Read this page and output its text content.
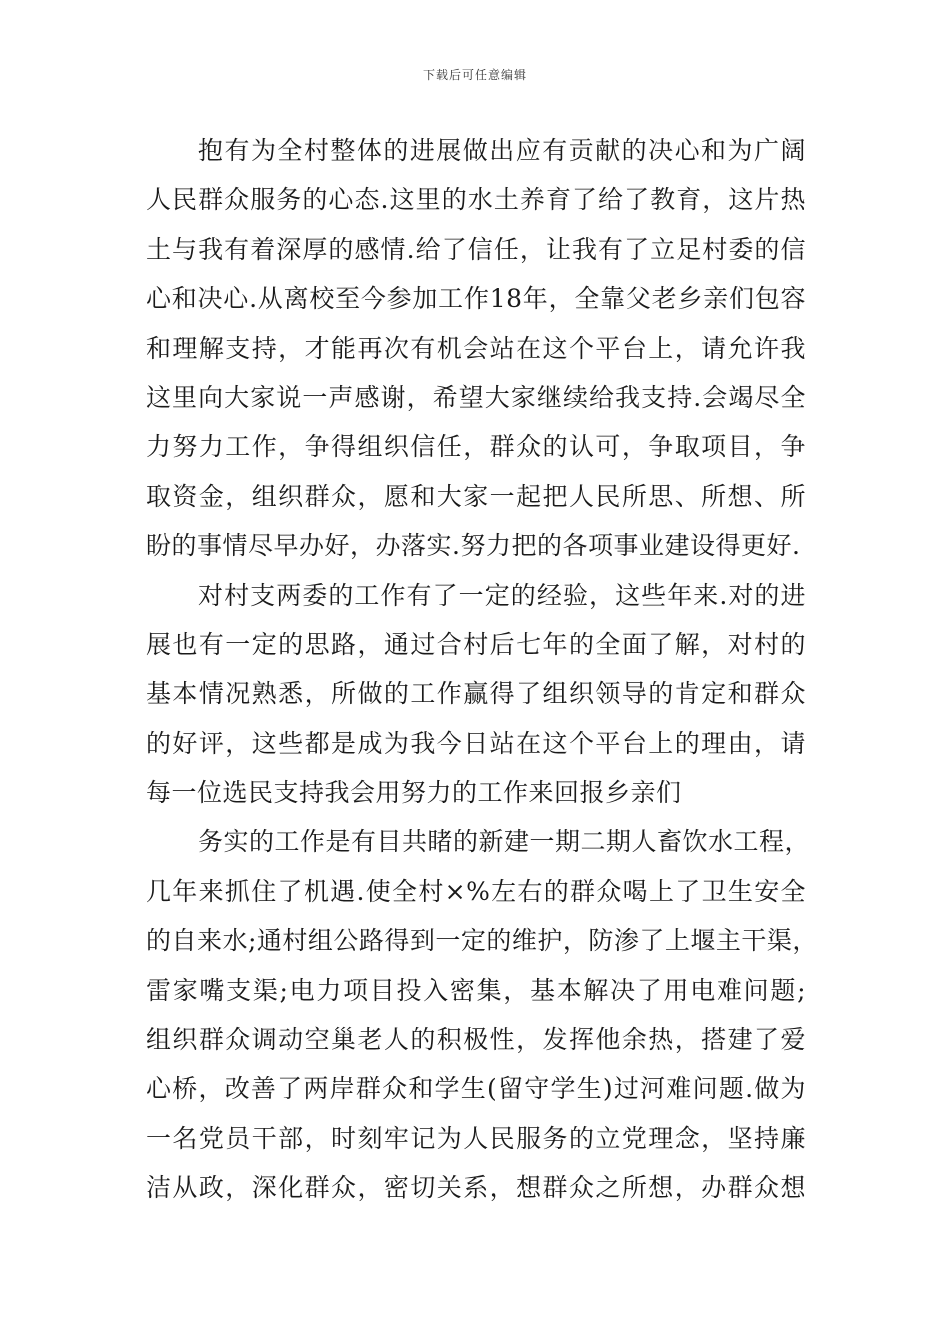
下载后可任意编辑
抱有为全村整体的进展做出应有贡献的决心和为广阔
人民群众服务的心态.这里的水土养育了给了教育，这片热
土与我有着深厚的感情.给了信任，让我有了立足村委的信
心和决心.从离校至今参加工作18年，全靠父老乡亲们包容
和理解支持，才能再次有机会站在这个平台上，请允许我
这里向大家说一声感谢，希望大家继续给我支持.会竭尽全
力努力工作，争得组织信任，群众的认可，争取项目，争
取资金，组织群众，愿和大家一起把人民所思、所想、所
盼的事情尽早办好，办落实.努力把的各项事业建设得更好.
对村支两委的工作有了一定的经验，这些年来.对的进
展也有一定的思路，通过合村后七年的全面了解，对村的
基本情况熟悉，所做的工作赢得了组织领导的肯定和群众
的好评，这些都是成为我今日站在这个平台上的理由，请
每一位选民支持我会用努力的工作来回报乡亲们
务实的工作是有目共睹的新建一期二期人畜饮水工程，
几年来抓住了机遇.使全村×%左右的群众喝上了卫生安全
的自来水;通村组公路得到一定的维护，防渗了上堰主干渠，
雷家嘴支渠;电力项目投入密集，基本解决了用电难问题;
组织群众调动空巢老人的积极性，发挥他余热，搭建了爱
心桥，改善了两岸群众和学生(留守学生)过河难问题.做为
一名党员干部，时刻牢记为人民服务的立党理念，坚持廉
洁从政，深化群众，密切关系，想群众之所想，办群众想
